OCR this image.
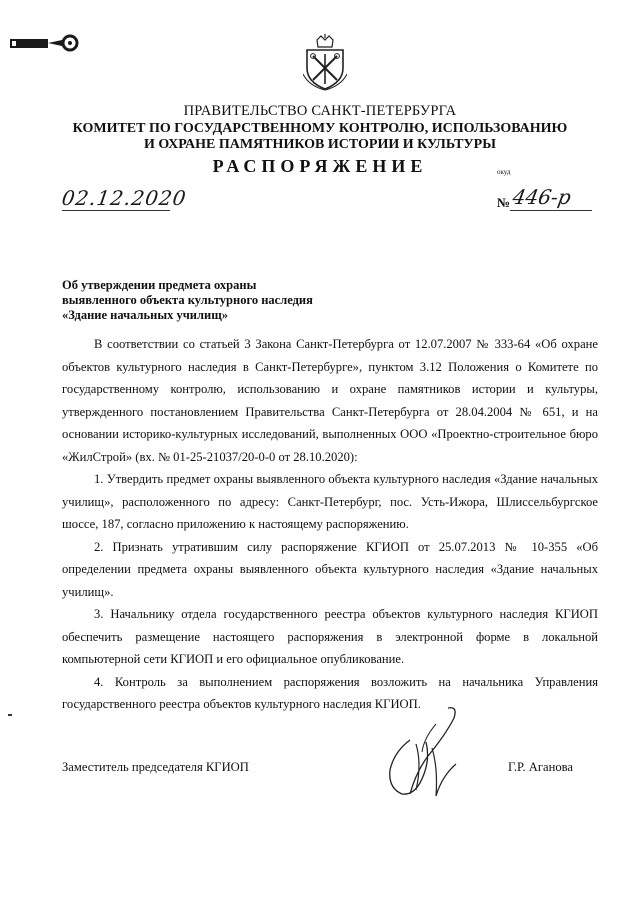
ПРАВИТЕЛЬСТВО САНКТ-ПЕТЕРБУРГА
КОМИТЕТ ПО ГОСУДАРСТВЕННОМУ КОНТРОЛЮ, ИСПОЛЬЗОВАНИЮ
И ОХРАНЕ ПАМЯТНИКОВ ИСТОРИИ И КУЛЬТУРЫ
РАСПОРЯЖЕНИЕ	окуд
02.12.2020	№ 446-р
Об утверждении предмета охраны
выявленного объекта культурного наследия
«Здание начальных училищ»

В соответствии со статьей 3 Закона Санкт-Петербурга от 12.07.2007 № 333-64 «Об охране объектов культурного наследия в Санкт-Петербурге», пунктом 3.12 Положения о Комитете по государственному контролю, использованию и охране памятников истории и культуры, утвержденного постановлением Правительства Санкт-Петербурга от 28.04.2004 № 651, и на основании историко-культурных исследований, выполненных ООО «Проектно-строительное бюро «ЖилСтрой» (вх. № 01-25-21037/20-0-0 от 28.10.2020):

1. Утвердить предмет охраны выявленного объекта культурного наследия «Здание начальных училищ», расположенного по адресу: Санкт-Петербург, пос. Усть-Ижора, Шлиссельбургское шоссе, 187, согласно приложению к настоящему распоряжению.

2. Признать утратившим силу распоряжение КГИОП от 25.07.2013 № 10-355 «Об определении предмета охраны выявленного объекта культурного наследия «Здание начальных училищ».

3. Начальнику отдела государственного реестра объектов культурного наследия КГИОП обеспечить размещение настоящего распоряжения в электронной форме в локальной компьютерной сети КГИОП и его официальное опубликование.

4. Контроль за выполнением распоряжения возложить на начальника Управления государственного реестра объектов культурного наследия КГИОП.

Заместитель председателя КГИОП	Г.Р. Аганова
